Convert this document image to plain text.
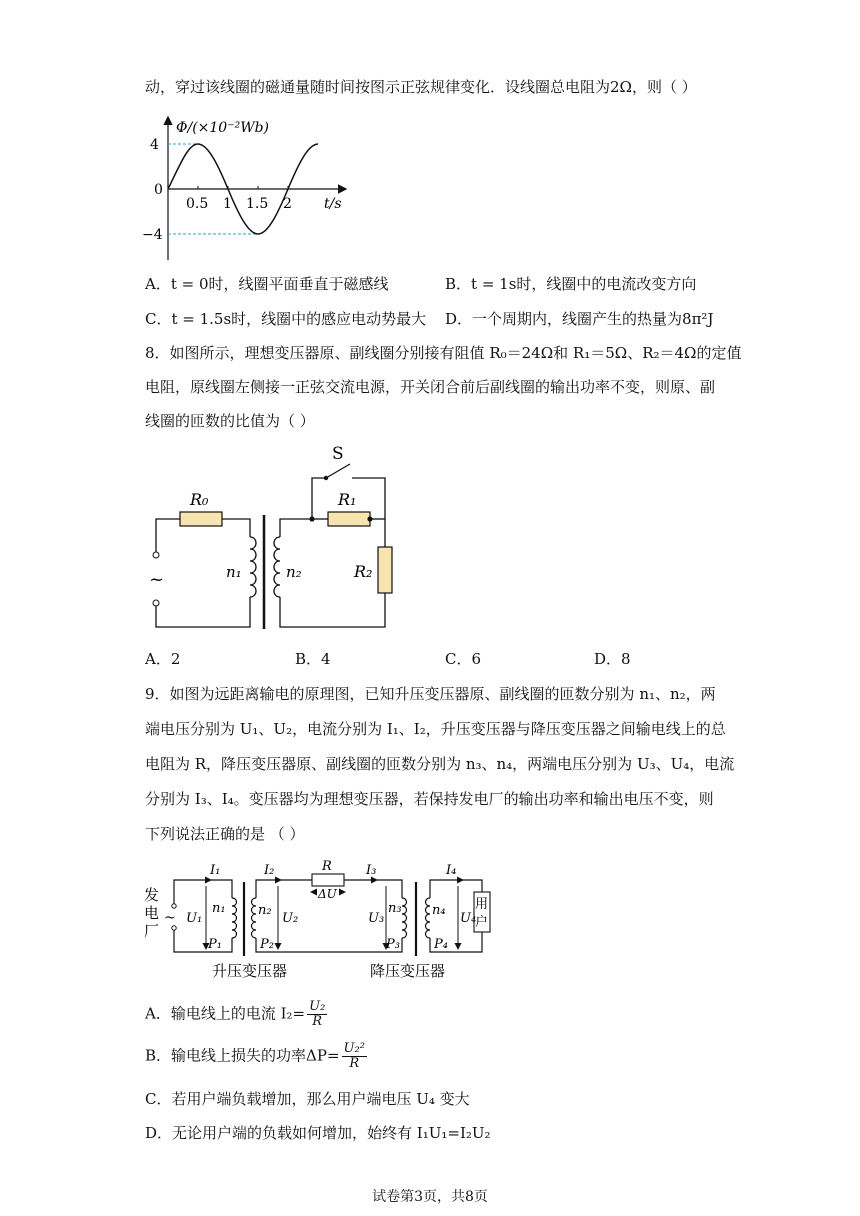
动，穿过该线圈的磁通量随时间按图示正弦规律变化．设线圈总电阻为2Ω，则（ ）
Φ/(×10⁻²Wb)
4
0
−4
0.5 1 1.5 2 t/s
A．t = 0时，线圈平面垂直于磁感线	B．t = 1s时，线圈中的电流改变方向
C．t = 1.5s时，线圈中的感应电动势最大 D．一个周期内，线圈产生的热量为8π²J
8．如图所示，理想变压器原、副线圈分别接有阻值 R₀＝24Ω和 R₁＝5Ω、R₂＝4Ω的定值
电阻，原线圈左侧接一正弦交流电源，开关闭合前后副线圈的输出功率不变，则原、副
线圈的匝数的比值为（ ）
S
R₀	R₁
R₂
n₁	n₂
~
A．2	B．4	C．6	D．8
9．如图为远距离输电的原理图，已知升压变压器原、副线圈的匝数分别为 n₁、n₂，两
端电压分别为 U₁、U₂，电流分别为 I₁、I₂，升压变压器与降压变压器之间输电线上的总
电阻为 R，降压变压器原、副线圈的匝数分别为 n₃、n₄，两端电压分别为 U₃、U₄，电流
分别为 I₃、I₄。变压器均为理想变压器，若保持发电厂的输出功率和输出电压不变，则
下列说法正确的是 （ ）
发
电
厂
~
I₁
U₁
n₁
P₁
I₂	R
ΔU
I₃
n₂
U₂
P₂
U₃
n₃
P₃
用
户
I₄
n₄
U₄
P₄
升压变压器	降压变压器
A．输电线上的电流 $I_2= \frac{\text{U₂}}{R}$
B．输电线上损失的功率$\Delta P= \frac{\text{U₂²}}{R}$
C．若用户端负载增加，那么用户端电压 U₄ 变大
D．无论用户端的负载如何增加，始终有 I₁U₁=I₂U₂
试卷第3页，共8页
